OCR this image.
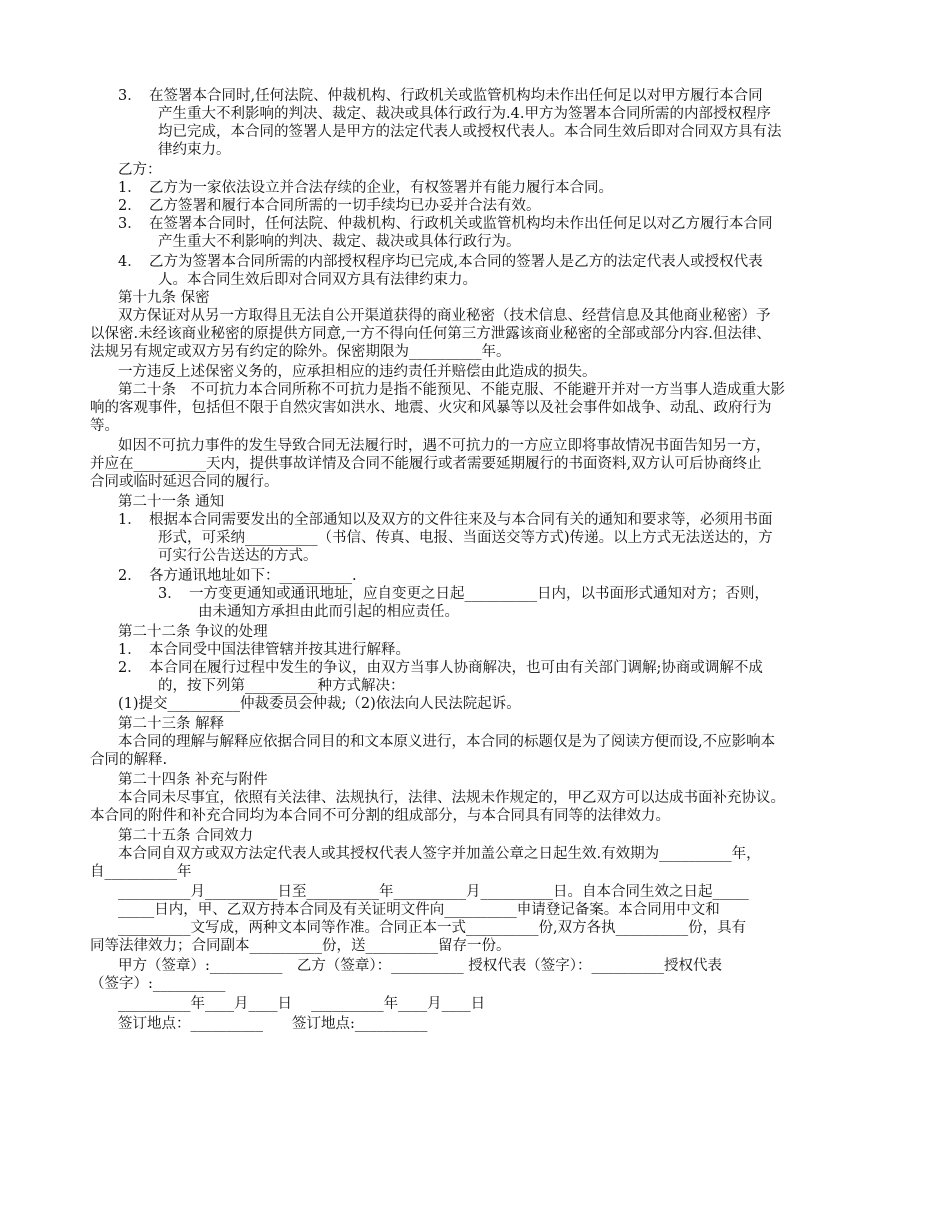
3．　在签署本合同时,任何法院、仲裁机构、行政机关或监管机构均未作出任何足以对甲方履行本合同
产生重大不利影响的判决、裁定、裁决或具体行政行为.4.甲方为签署本合同所需的内部授权程序
均已完成，本合同的签署人是甲方的法定代表人或授权代表人。本合同生效后即对合同双方具有法
律约束力。
乙方：
1．　乙方为一家依法设立并合法存续的企业，有权签署并有能力履行本合同。
2．　乙方签署和履行本合同所需的一切手续均已办妥并合法有效。
3．　在签署本合同时，任何法院、仲裁机构、行政机关或监管机构均未作出任何足以对乙方履行本合同
产生重大不利影响的判决、裁定、裁决或具体行政行为。
4．　乙方为签署本合同所需的内部授权程序均已完成,本合同的签署人是乙方的法定代表人或授权代表
人。本合同生效后即对合同双方具有法律约束力。
第十九条 保密
双方保证对从另一方取得且无法自公开渠道获得的商业秘密（技术信息、经营信息及其他商业秘密）予
以保密.未经该商业秘密的原提供方同意,一方不得向任何第三方泄露该商业秘密的全部或部分内容.但法律、
法规另有规定或双方另有约定的除外。保密期限为__________年。
一方违反上述保密义务的，应承担相应的违约责任并赔偿由此造成的损失。
第二十条　不可抗力本合同所称不可抗力是指不能预见、不能克服、不能避开并对一方当事人造成重大影
响的客观事件，包括但不限于自然灾害如洪水、地震、火灾和风暴等以及社会事件如战争、动乱、政府行为
等。
如因不可抗力事件的发生导致合同无法履行时，遇不可抗力的一方应立即将事故情况书面告知另一方，
并应在__________天内，提供事故详情及合同不能履行或者需要延期履行的书面资料,双方认可后协商终止
合同或临时延迟合同的履行。
第二十一条 通知
1．　根据本合同需要发出的全部通知以及双方的文件往来及与本合同有关的通知和要求等，必须用书面
形式，可采纳__________（书信、传真、电报、当面送交等方式)传递。以上方式无法送达的，方
可实行公告送达的方式。
2．　各方通讯地址如下：__________.
3．　一方变更通知或通讯地址，应自变更之日起__________日内，以书面形式通知对方；否则，
由未通知方承担由此而引起的相应责任。
第二十二条 争议的处理
1．　本合同受中国法律管辖并按其进行解释。
2．　本合同在履行过程中发生的争议，由双方当事人协商解决，也可由有关部门调解;协商或调解不成
的，按下列第__________种方式解决：
(1)提交__________仲裁委员会仲裁;（2)依法向人民法院起诉。
第二十三条 解释
本合同的理解与解释应依据合同目的和文本原义进行，本合同的标题仅是为了阅读方便而设,不应影响本
合同的解释.
第二十四条 补充与附件
本合同未尽事宜，依照有关法律、法规执行，法律、法规未作规定的，甲乙双方可以达成书面补充协议。
本合同的附件和补充合同均为本合同不可分割的组成部分，与本合同具有同等的法律效力。
第二十五条 合同效力
本合同自双方或双方法定代表人或其授权代表人签字并加盖公章之日起生效.有效期为__________年，
自__________年
__________月__________日至__________年__________月__________日。自本合同生效之日起_____
_____日内，甲、乙双方持本合同及有关证明文件向__________申请登记备案。本合同用中文和
__________文写成，两种文本同等作准。合同正本一式__________份,双方各执__________份，具有
同等法律效力；合同副本__________份，送__________留存一份。
甲方（签章）:__________　乙方（签章）：__________ 授权代表（签字）：__________授权代表
（签字）:__________
__________年____月____日　 __________年____月____日
签订地点：__________　　签订地点:__________
